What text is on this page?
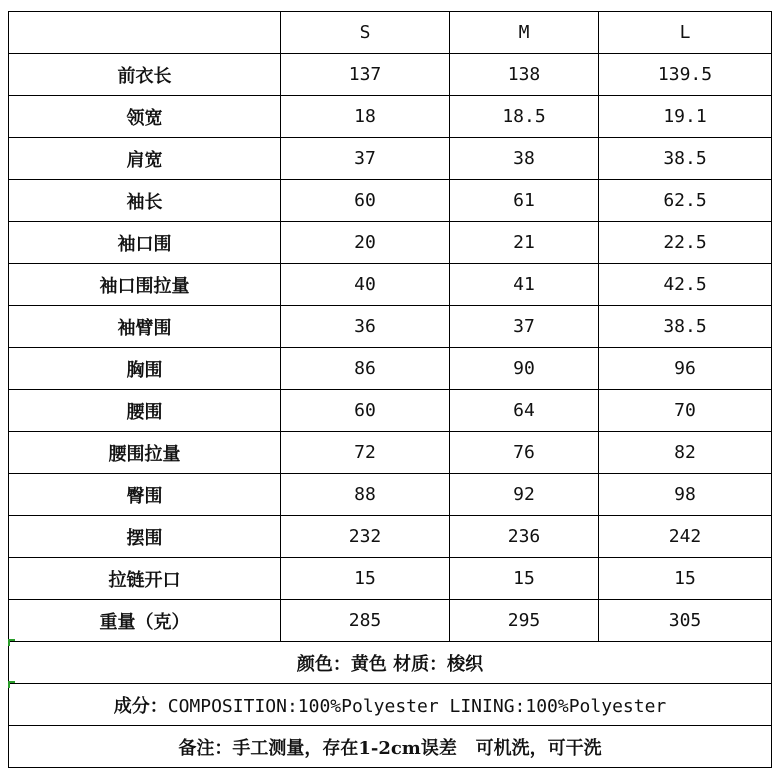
	S	M	L
前衣长	137	138	139.5
领宽	18	18.5	19.1
肩宽	37	38	38.5
袖长	60	61	62.5
袖口围	20	21	22.5
袖口围拉量	40	41	42.5
袖臂围	36	37	38.5
胸围	86	90	96
腰围	60	64	70
腰围拉量	72	76	82
臀围	88	92	98
摆围	232	236	242
拉链开口	15	15	15
重量（克）	285	295	305
颜色：黄色 材质：梭织			
成分：COMPOSITION:100%Polyester LINING:100%Polyester			
备注：手工测量，存在1-2cm误差   可机洗，可干洗			
